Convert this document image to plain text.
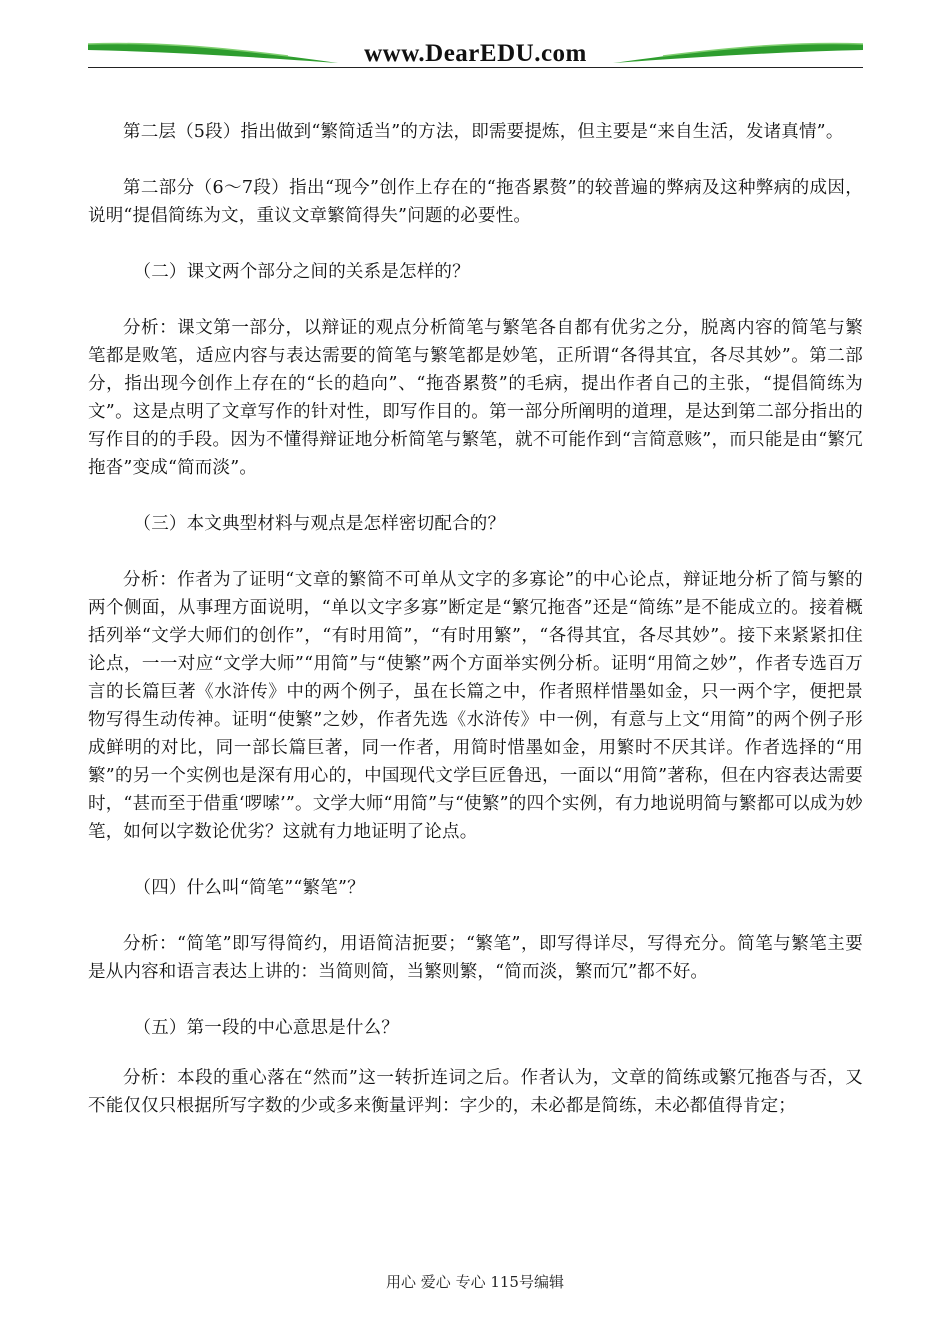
www.DearEDU.com

第二层（5段）指出做到“繁简适当”的方法，即需要提炼，但主要是“来自生活，发诸真情”。

第二部分（6～7段）指出“现今”创作上存在的“拖沓累赘”的较普遍的弊病及这种弊病的成因，说明“提倡简练为文，重议文章繁简得失”问题的必要性。

（二）课文两个部分之间的关系是怎样的？

分析：课文第一部分，以辩证的观点分析简笔与繁笔各自都有优劣之分，脱离内容的简笔与繁笔都是败笔，适应内容与表达需要的简笔与繁笔都是妙笔，正所谓“各得其宜，各尽其妙”。第二部分，指出现今创作上存在的“长的趋向”、“拖沓累赘”的毛病，提出作者自己的主张，“提倡简练为文”。这是点明了文章写作的针对性，即写作目的。第一部分所阐明的道理，是达到第二部分指出的写作目的的手段。因为不懂得辩证地分析简笔与繁笔，就不可能作到“言简意赅”，而只能是由“繁冗拖沓”变成“简而淡”。

（三）本文典型材料与观点是怎样密切配合的？

分析：作者为了证明“文章的繁简不可单从文字的多寡论”的中心论点，辩证地分析了简与繁的两个侧面，从事理方面说明，“单以文字多寡”断定是“繁冗拖沓”还是“简练”是不能成立的。接着概括列举“文学大师们的创作”，“有时用简”，“有时用繁”，“各得其宜，各尽其妙”。接下来紧紧扣住论点，一一对应“文学大师”“用简”与“使繁”两个方面举实例分析。证明“用简之妙”，作者专选百万言的长篇巨著《水浒传》中的两个例子，虽在长篇之中，作者照样惜墨如金，只一两个字，便把景物写得生动传神。证明“使繁”之妙，作者先选《水浒传》中一例，有意与上文“用简”的两个例子形成鲜明的对比，同一部长篇巨著，同一作者，用简时惜墨如金，用繁时不厌其详。作者选择的“用繁”的另一个实例也是深有用心的，中国现代文学巨匠鲁迅，一面以“用简”著称，但在内容表达需要时，“甚而至于借重‘啰嗦’”。文学大师“用简”与“使繁”的四个实例，有力地说明简与繁都可以成为妙笔，如何以字数论优劣？这就有力地证明了论点。

（四）什么叫“简笔”“繁笔”？

分析：“简笔”即写得简约，用语简洁扼要；“繁笔”，即写得详尽，写得充分。简笔与繁笔主要是从内容和语言表达上讲的：当简则简，当繁则繁，“简而淡，繁而冗”都不好。

（五）第一段的中心意思是什么？

分析：本段的重心落在“然而”这一转折连词之后。作者认为，文章的简练或繁冗拖沓与否，又不能仅仅只根据所写字数的少或多来衡量评判：字少的，未必都是简练，未必都值得肯定；

用心 爱心 专心 115号编辑
